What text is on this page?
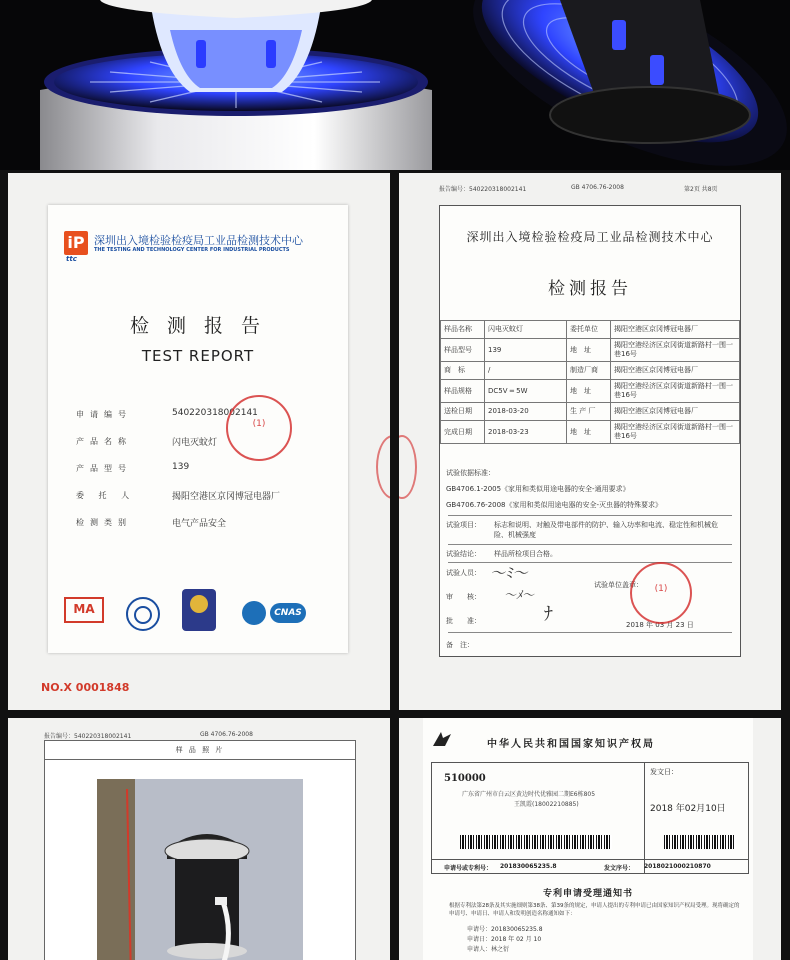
iP
ttc
深圳出入境检验检疫局工业品检测技术中心
THE TESTING AND TECHNOLOGY CENTER FOR INDUSTRIAL PRODUCTS
检 测 报 告
TEST REPORT
申请编号	540220318002141
产品名称	闪电灭蚊灯
产品型号	139
委 托 人	揭阳空港区京冈博冠电器厂
检测类别	电气产品安全
(1)
MA	CNAS
NO.X 0001848
报告编号：540220318002141	GB 4706.76-2008	第2页 共8页
深圳出入境检验检疫局工业品检测技术中心
检测报告
样品名称	闪电灭蚊灯	委托单位	揭阳空港区京冈博冠电器厂
样品型号	139	地　址	揭阳空港经济区京冈街道新路村一围一巷16号
商　标	/	制造厂商	揭阳空港区京冈博冠电器厂
样品规格	DC5V ═ 5W	地　址	揭阳空港经济区京冈街道新路村一围一巷16号
送检日期	2018-03-20	生 产 厂	揭阳空港区京冈博冠电器厂
完成日期	2018-03-23	地　址	揭阳空港经济区京冈街道新路村一围一巷16号
试验依据标准：
GB4706.1-2005《家用和类似用途电器的安全-通用要求》
GB4706.76-2008《家用和类似用途电器的安全-灭虫器的特殊要求》
试验项目： 标志和说明、对触及带电部件的防护、输入功率和电流、稳定性和机械危险、机械强度
试验结论： 样品所检项目合格。
试验人员： 〜ﾐ〜
审　　核： 〜ﾒ〜
批　　准：	ﾅ
试验单位盖章：
2018 年 03 月 23 日
(1)
备　注：
报告编号：540220318002141	GB 4706.76-2008
样 品 照 片	中华人民共和国国家知识产权局
510000
广东省广州市白云区黄边时代优雅园二期E6栋805
王凯霞(18002210885)
发文日：
2018 年02月10日
申请号或专利号： 201830065235.8	发文序号： 2018021000210870
专利申请受理通知书
根据专利法第28条及其实施细则第38条、第39条的规定，申请人提出的专利申请已由国家知识产权局受理。现将确定的申请号、申请日、申请人和发明创造名称通知如下：
申请号：201830065235.8
申请日：2018 年 02 月 10
申请人：林之衍
